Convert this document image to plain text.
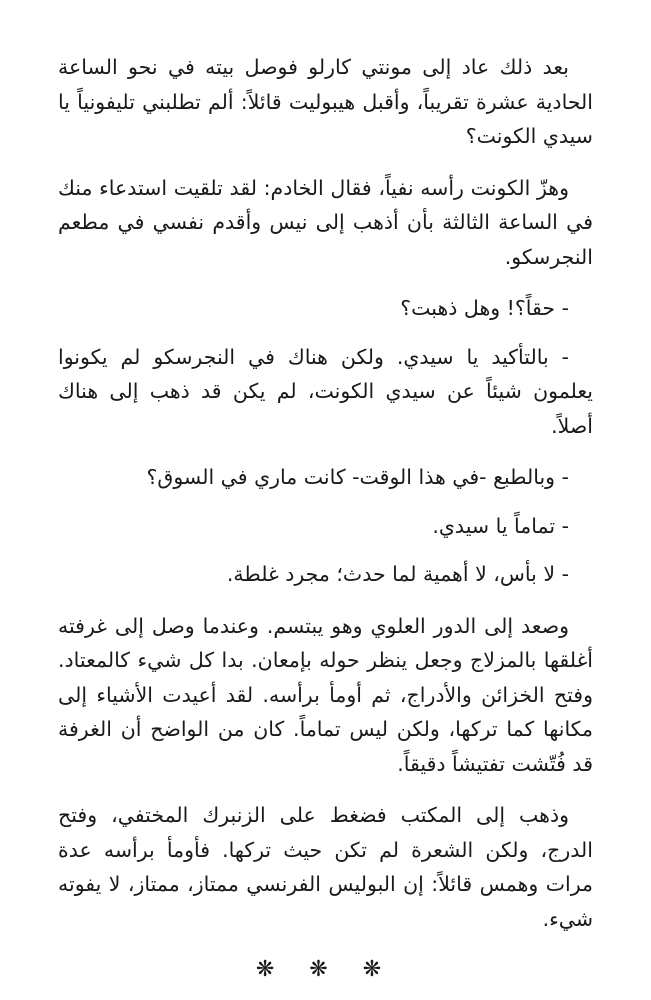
بعد ذلك عاد إلى مونتي كارلو فوصل بيته في نحو الساعة الحادية عشرة تقريباً، وأقبل هيبوليت قائلاً: ألم تطلبني تليفونياً يا سيدي الكونت؟

وهزّ الكونت رأسه نفياً، فقال الخادم: لقد تلقيت استدعاء منك في الساعة الثالثة بأن أذهب إلى نيس وأقدم نفسي في مطعم النجرسكو.

- حقاً؟! وهل ذهبت؟

- بالتأكيد يا سيدي. ولكن هناك في النجرسكو لم يكونوا يعلمون شيئاً عن سيدي الكونت، لم يكن قد ذهب إلى هناك أصلاً.

- وبالطبع -في هذا الوقت- كانت ماري في السوق؟

- تماماً يا سيدي.

- لا بأس، لا أهمية لما حدث؛ مجرد غلطة.

وصعد إلى الدور العلوي وهو يبتسم. وعندما وصل إلى غرفته أغلقها بالمزلاج وجعل ينظر حوله بإمعان. بدا كل شيء كالمعتاد. وفتح الخزائن والأدراج، ثم أومأ برأسه. لقد أعيدت الأشياء إلى مكانها كما تركها، ولكن ليس تماماً. كان من الواضح أن الغرفة قد فُتّشت تفتيشاً دقيقاً.

وذهب إلى المكتب فضغط على الزنبرك المختفي، وفتح الدرج، ولكن الشعرة لم تكن حيث تركها. فأومأ برأسه عدة مرات وهمس قائلاً: إن البوليس الفرنسي ممتاز، ممتاز، لا يفوته شيء.

❋ ❋ ❋
